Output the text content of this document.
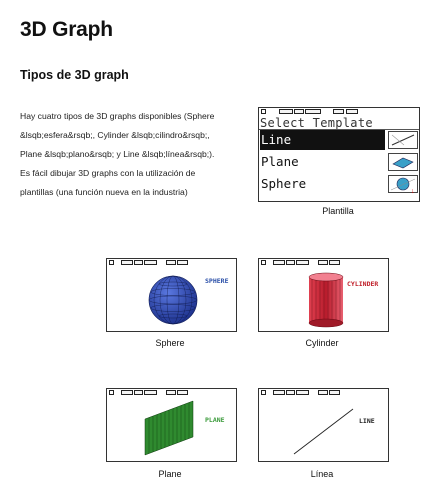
3D Graph
Tipos de 3D graph

Hay cuatro tipos de 3D graphs disponibles (Sphere &lsqb;esfera&rsqb;, Cylinder &lsqb;cilindro&rsqb;, Plane &lsqb;plano&rsqb; y Line &lsqb;línea&rsqb;). Es fácil dibujar 3D graphs con la utilización de plantillas (una función nueva en la industria)

Select Template
Line
Plane
Sphere
↓
Plantilla
SPHERE
Sphere
CYLINDER
Cylinder
PLANE
Plane
LINE
Línea
